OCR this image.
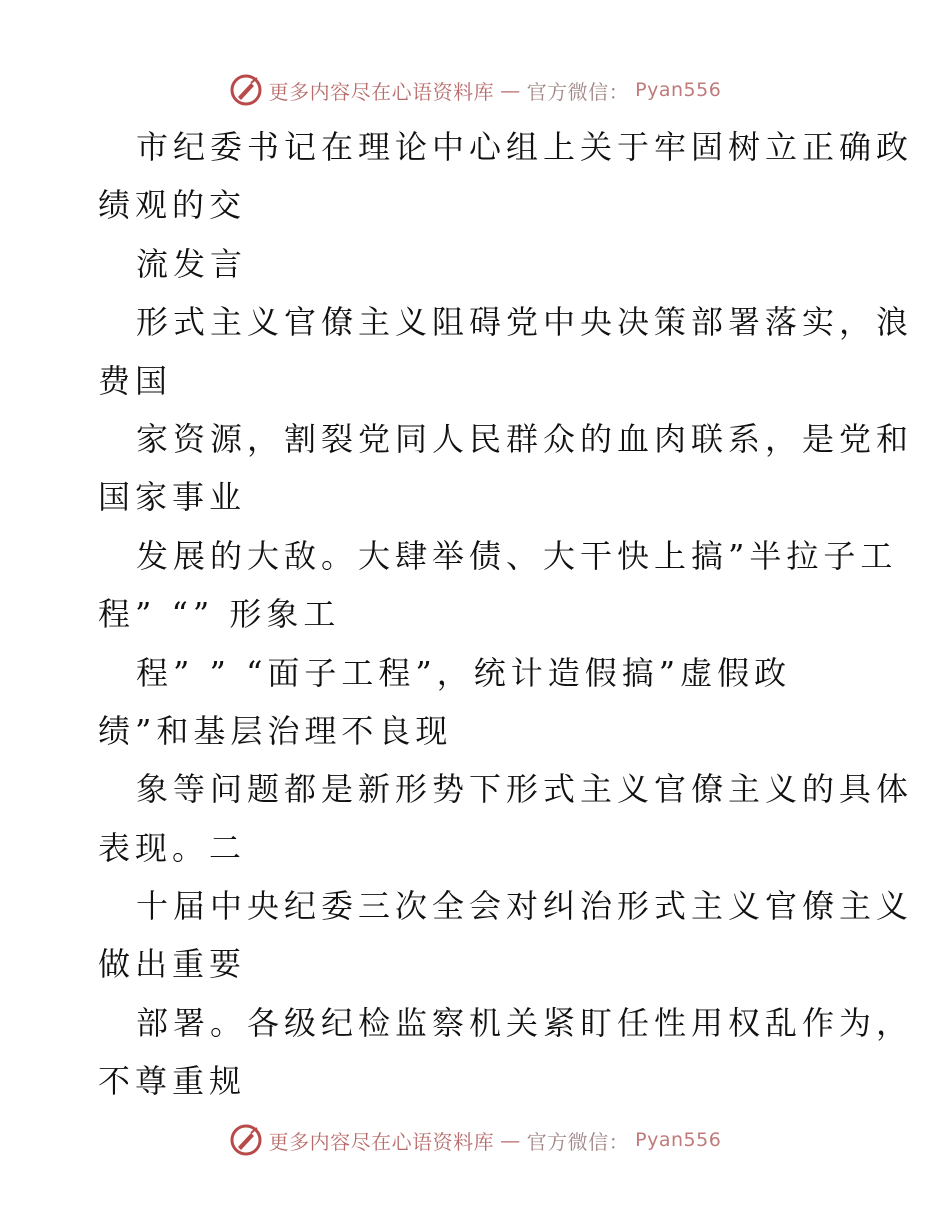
更多内容尽在心语资料库 — 官方微信： Pyan556
市纪委书记在理论中心组上关于牢固树立正确政
绩观的交
流发言
形式主义官僚主义阻碍党中央决策部署落实，浪
费国
家资源，割裂党同人民群众的血肉联系，是党和
国家事业
发展的大敌。大肆举债、大干快上搞”半拉子工
程” “” 形象工
程” ” “面子工程”，统计造假搞”虚假政
绩”和基层治理不良现
象等问题都是新形势下形式主义官僚主义的具体
表现。二
十届中央纪委三次全会对纠治形式主义官僚主义
做出重要
部署。各级纪检监察机关紧盯任性用权乱作为，
不尊重规
更多内容尽在心语资料库 — 官方微信： Pyan556
